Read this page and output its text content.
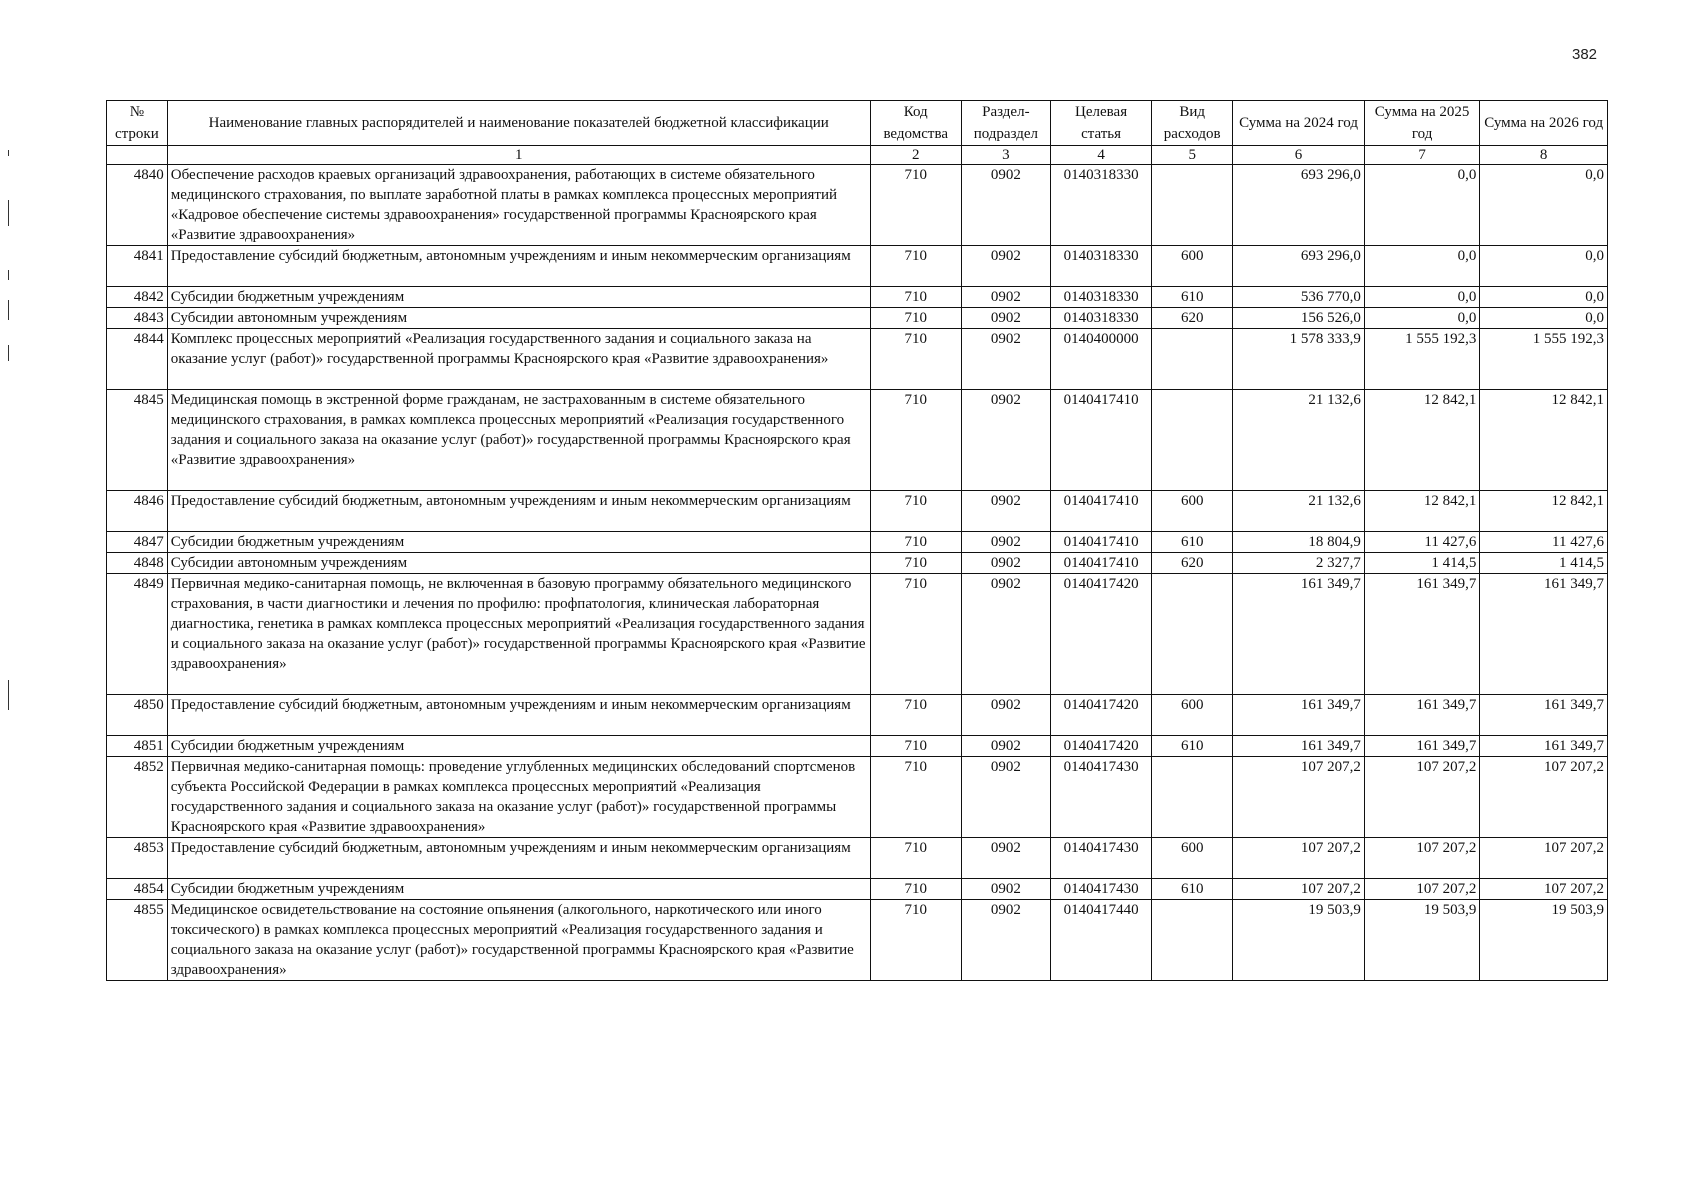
382
№ строки	Наименование главных распорядителей и наименование показателей бюджетной классификации	Код ведомства	Раздел-подраздел	Целевая статья	Вид расходов	Сумма на 2024 год	Сумма на 2025 год	Сумма на 2026 год
	1	2	3	4	5	6	7	8
4840	Обеспечение расходов краевых организаций здравоохранения, работающих в системе обязательного медицинского страхования, по выплате заработной платы в рамках комплекса процессных мероприятий «Кадровое обеспечение системы здравоохранения» государственной программы Красноярского края «Развитие здравоохранения»	710	0902	0140318330		693 296,0	0,0	0,0
4841	Предоставление субсидий бюджетным, автономным учреждениям и иным некоммерческим организациям	710	0902	0140318330	600	693 296,0	0,0	0,0
4842	Субсидии бюджетным учреждениям	710	0902	0140318330	610	536 770,0	0,0	0,0
4843	Субсидии автономным учреждениям	710	0902	0140318330	620	156 526,0	0,0	0,0
4844	Комплекс процессных мероприятий «Реализация государственного задания и социального заказа на оказание услуг (работ)» государственной программы Красноярского края «Развитие здравоохранения»	710	0902	0140400000		1 578 333,9	1 555 192,3	1 555 192,3
4845	Медицинская помощь в экстренной форме гражданам, не застрахованным в системе обязательного медицинского страхования, в рамках комплекса процессных мероприятий «Реализация государственного задания и социального заказа на оказание услуг (работ)» государственной программы Красноярского края «Развитие здравоохранения»	710	0902	0140417410		21 132,6	12 842,1	12 842,1
4846	Предоставление субсидий бюджетным, автономным учреждениям и иным некоммерческим организациям	710	0902	0140417410	600	21 132,6	12 842,1	12 842,1
4847	Субсидии бюджетным учреждениям	710	0902	0140417410	610	18 804,9	11 427,6	11 427,6
4848	Субсидии автономным учреждениям	710	0902	0140417410	620	2 327,7	1 414,5	1 414,5
4849	Первичная медико-санитарная помощь, не включенная в базовую программу обязательного медицинского страхования, в части диагностики и лечения по профилю: профпатология, клиническая лабораторная диагностика, генетика в рамках комплекса процессных мероприятий «Реализация государственного задания и социального заказа на оказание услуг (работ)» государственной программы Красноярского края «Развитие здравоохранения»	710	0902	0140417420		161 349,7	161 349,7	161 349,7
4850	Предоставление субсидий бюджетным, автономным учреждениям и иным некоммерческим организациям	710	0902	0140417420	600	161 349,7	161 349,7	161 349,7
4851	Субсидии бюджетным учреждениям	710	0902	0140417420	610	161 349,7	161 349,7	161 349,7
4852	Первичная медико-санитарная помощь: проведение углубленных медицинских обследований спортсменов субъекта Российской Федерации в рамках комплекса процессных мероприятий «Реализация государственного задания и социального заказа на оказание услуг (работ)» государственной программы Красноярского края «Развитие здравоохранения»	710	0902	0140417430		107 207,2	107 207,2	107 207,2
4853	Предоставление субсидий бюджетным, автономным учреждениям и иным некоммерческим организациям	710	0902	0140417430	600	107 207,2	107 207,2	107 207,2
4854	Субсидии бюджетным учреждениям	710	0902	0140417430	610	107 207,2	107 207,2	107 207,2
4855	Медицинское освидетельствование на состояние опьянения (алкогольного, наркотического или иного токсического) в рамках комплекса процессных мероприятий «Реализация государственного задания и социального заказа на оказание услуг (работ)» государственной программы Красноярского края «Развитие здравоохранения»	710	0902	0140417440		19 503,9	19 503,9	19 503,9
